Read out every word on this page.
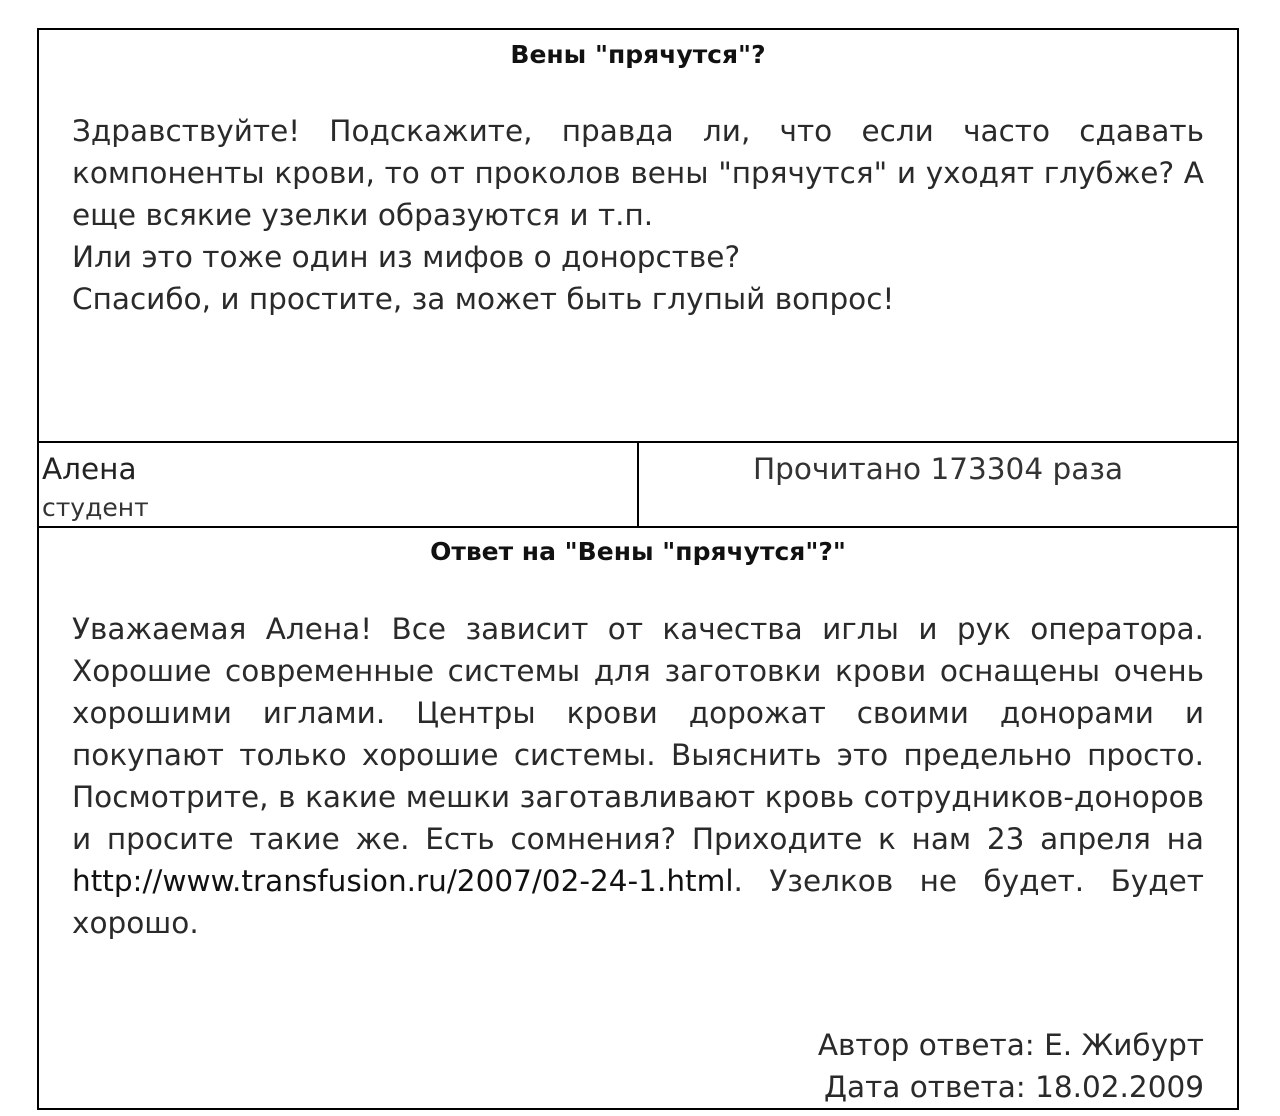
Вены "прячутся"?

Здравствуйте! Подскажите, правда ли, что если часто сдавать компоненты крови, то от проколов вены "прячутся" и уходят глубже? А еще всякие узелки образуются и т.п.

Или это тоже один из мифов о донорстве?

Спасибо, и простите, за может быть глупый вопрос!

Алена
студент
Прочитано 173304 раза
Ответ на "Вены "прячутся"?"

Уважаемая Алена! Все зависит от качества иглы и рук оператора. Хорошие современные системы для заготовки крови оснащены очень хорошими иглами. Центры крови дорожат своими донорами и покупают только хорошие системы. Выяснить это предельно просто. Посмотрите, в какие мешки заготавливают кровь сотрудников-доноров и просите такие же. Есть сомнения? Приходите к нам 23 апреля на http://www.transfusion.ru/2007/02-24-1.html. Узелков не будет. Будет хорошо.

Автор ответа: Е. Жибурт
Дата ответа: 18.02.2009
